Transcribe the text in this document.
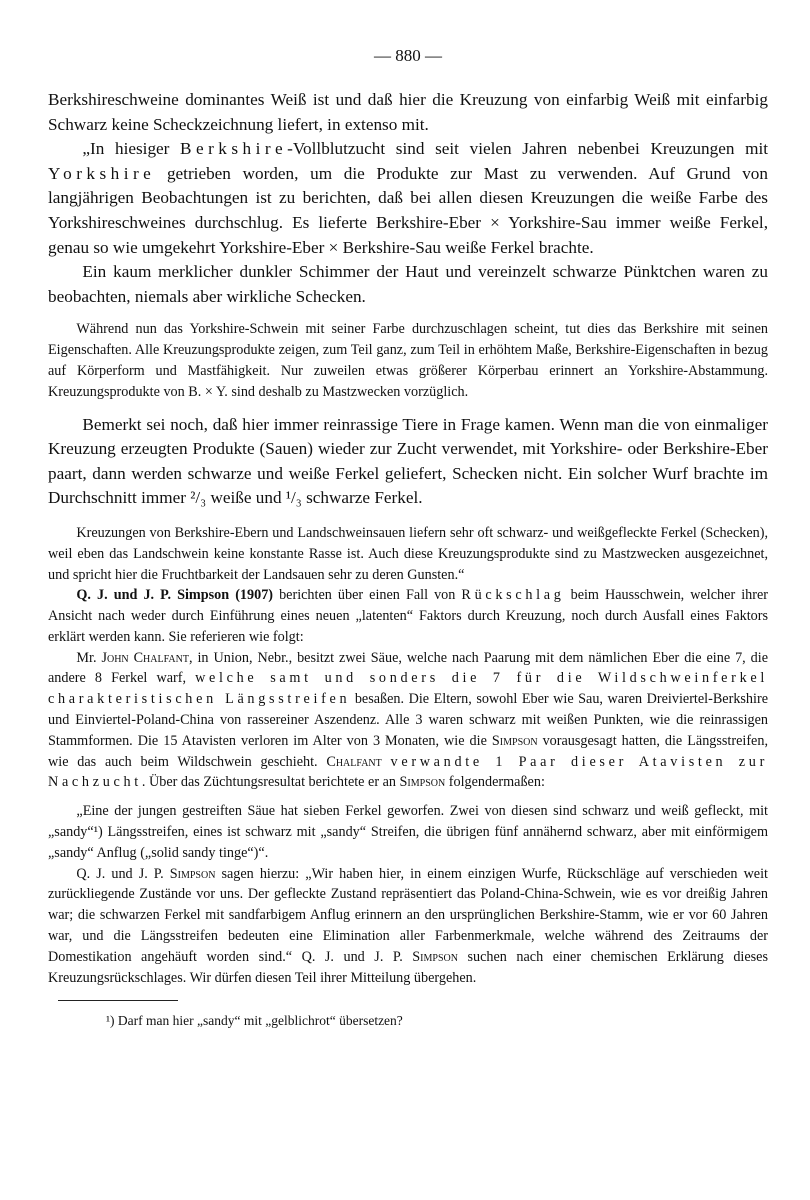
— 880 —

Berkshireschweine dominantes Weiß ist und daß hier die Kreuzung von einfarbig Weiß mit einfarbig Schwarz keine Scheckzeichnung liefert, in extenso mit.

„In hiesiger Berkshire-Vollblutzucht sind seit vielen Jahren nebenbei Kreuzungen mit Yorkshire getrieben worden, um die Produkte zur Mast zu verwenden. Auf Grund von langjährigen Beobachtungen ist zu berichten, daß bei allen diesen Kreuzungen die weiße Farbe des Yorkshireschweines durchschlug. Es lieferte Berkshire-Eber × Yorkshire-Sau immer weiße Ferkel, genau so wie umgekehrt Yorkshire-Eber × Berkshire-Sau weiße Ferkel brachte.

Ein kaum merklicher dunkler Schimmer der Haut und vereinzelt schwarze Pünktchen waren zu beobachten, niemals aber wirkliche Schecken.

Während nun das Yorkshire-Schwein mit seiner Farbe durchzuschlagen scheint, tut dies das Berkshire mit seinen Eigenschaften. Alle Kreuzungsprodukte zeigen, zum Teil ganz, zum Teil in erhöhtem Maße, Berkshire-Eigenschaften in bezug auf Körperform und Mastfähigkeit. Nur zuweilen etwas größerer Körperbau erinnert an Yorkshire-Abstammung. Kreuzungsprodukte von B. × Y. sind deshalb zu Mastzwecken vorzüglich.

Bemerkt sei noch, daß hier immer reinrassige Tiere in Frage kamen. Wenn man die von einmaliger Kreuzung erzeugten Produkte (Sauen) wieder zur Zucht verwendet, mit Yorkshire- oder Berkshire-Eber paart, dann werden schwarze und weiße Ferkel geliefert, Schecken nicht. Ein solcher Wurf brachte im Durchschnitt immer ²/₃ weiße und ¹/₃ schwarze Ferkel.

Kreuzungen von Berkshire-Ebern und Landschweinsauen liefern sehr oft schwarz- und weißgefleckte Ferkel (Schecken), weil eben das Landschwein keine konstante Rasse ist. Auch diese Kreuzungsprodukte sind zu Mastzwecken ausgezeichnet, und spricht hier die Fruchtbarkeit der Landsauen sehr zu deren Gunsten.“

Q. J. und J. P. Simpson (1907) berichten über einen Fall von Rückschlag beim Hausschwein, welcher ihrer Ansicht nach weder durch Einführung eines neuen „latenten“ Faktors durch Kreuzung, noch durch Ausfall eines Faktors erklärt werden kann. Sie referieren wie folgt:

Mr. John Chalfant, in Union, Nebr., besitzt zwei Säue, welche nach Paarung mit dem nämlichen Eber die eine 7, die andere 8 Ferkel warf, welche samt und sonders die 7 für die Wildschweinferkel charakteristischen Längsstreifen besaßen. Die Eltern, sowohl Eber wie Sau, waren Dreiviertel-Berkshire und Einviertel-Poland-China von rassereiner Aszendenz. Alle 3 waren schwarz mit weißen Punkten, wie die reinrassigen Stammformen. Die 15 Atavisten verloren im Alter von 3 Monaten, wie die Simpson vorausgesagt hatten, die Längsstreifen, wie das auch beim Wildschwein geschieht. Chalfant verwandte 1 Paar dieser Atavisten zur Nachzucht. Über das Züchtungsresultat berichtete er an Simpson folgendermaßen:

„Eine der jungen gestreiften Säue hat sieben Ferkel geworfen. Zwei von diesen sind schwarz und weiß gefleckt, mit „sandy“¹) Längsstreifen, eines ist schwarz mit „sandy“ Streifen, die übrigen fünf annähernd schwarz, aber mit einförmigem „sandy“ Anflug („solid sandy tinge“)“.

Q. J. und J. P. Simpson sagen hierzu: „Wir haben hier, in einem einzigen Wurfe, Rückschläge auf verschieden weit zurückliegende Zustände vor uns. Der gefleckte Zustand repräsentiert das Poland-China-Schwein, wie es vor dreißig Jahren war; die schwarzen Ferkel mit sandfarbigem Anflug erinnern an den ursprünglichen Berkshire-Stamm, wie er vor 60 Jahren war, und die Längsstreifen bedeuten eine Elimination aller Farbenmerkmale, welche während des Zeitraums der Domestikation angehäuft worden sind.“ Q. J. und J. P. Simpson suchen nach einer chemischen Erklärung dieses Kreuzungsrückschlages. Wir dürfen diesen Teil ihrer Mitteilung übergehen.

¹) Darf man hier „sandy“ mit „gelblichrot“ übersetzen?
